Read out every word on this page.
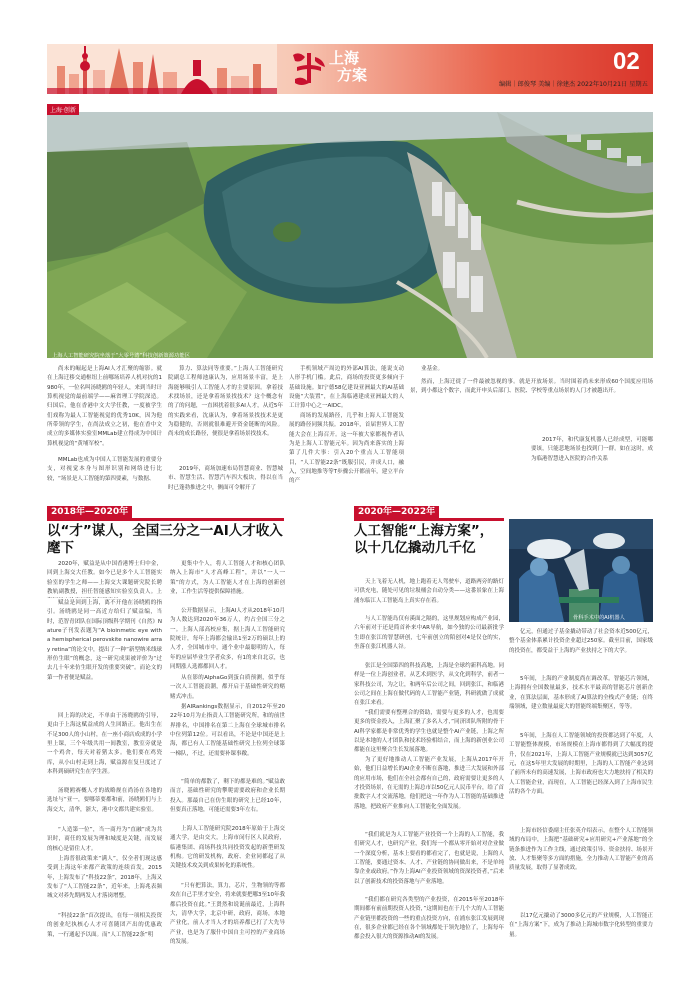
上海
方案	02
编辑｜郎俊琴 美编｜徐建杰 2022年10月21日 星期五
上海·创新
上海人工智能研究院坐落于“大零号湾”科技创新策源功能区
尚未的崛起是上海AI人才汇聚的缩影。就在上海迁移交通枢纽上前哪场培养人机对抗的1980年，一位名叫汤晓鸥的年轻人，来到当时计算机视觉的最前端学——麻省理工学院深造。归国后，他在香港中文大学任教，一度被学生们戏称为最人工智能视觉的优秀10K，因为他所带领的学生，在尚法成立之初，他在香中文成立的多媒体实验室MMLab建立得成为中国计算机视觉的“黄埔军校”。
MMLab也成为中国人工智能发展的重要分支，对视觉本身与图形识别和网络进行比较，“场景是人工智能的第四要素，与数据、
算力、算法同等重要。”上海人工智能研究院副总工程师池康认为，应用场景丰富，是上海能够吸引人工智能人才的主要原因。拿着技术找场景，还是拿着场景找技术？这个概念有的了的问题，一直困扰着很多AI人才，从近5年的实践来看，沈康认为，拿着场景找技术是更为稳健的，否则就很难避开资金链断的风险。尚未的成长路径，便很是拿着场景找技术。
2019年，商场加速布局智慧商业、智慧城市、智慧生活、智慧汽车四大板块，得以在当时已蓬勃推进之中，侧面可令解开了
手机领域产周边的外部AI算法，能说支动人形手机门槛。此后，商场的投资更多倾向于基础设施。如宁德58亿建设亚洲最大的AI基础设施“大装置”，在上海临港建成亚洲最大的人工计算中心之一AIDC。
商场的发展路径，几乎和上海人工智能发展的路径同频共振。2018年，首届世界人工智能大会在上海召开。这一年被大家都视作者认为是上海人工智能元年。因为尚来落实的上海第了几件大事：引入20个重点人工智能项目，“人工智能22条”既服引民，并成人口，融入，空间地推等等T步骤公开都前年，建立平台的产
业基金。
然而，上海迁徙了一件最被忽视的事。就是开放场景。当时围着尚未来形成60个国度应用场景，到小都这个数字，而此开申头后部门、医院、学校等重点场景的人门才被越出开。
2017年，和代康复机器人已经成型，可能哪要该，只能悲地场景也找到门一群。如在这时，成为临港智慧进入医院的合作关系
2018年—2020年
以“才”谋人，全国三分之一AI人才收入麾下
2020年，赋益是从中国香港博士归中金，回到上海交大任教。如今已是多个人工智能实验室的学生之师——上海交大课题研究院长聘教轨副教授，担任智能感知实验室负责人。上
赋益是回到上海，离不开他在汤晓鸥的指引。汤晓鸥是同一高近方给归了赋益编，当时，范智青团队在国际顶级科学期刊《自然》Nature子刊发表题为“A bioinmetic eye with a hemispherical perovskite nanowire array retina”的论文中，提出了一种“新型纳米线球形仿生眼”的概念，这一研究成果被评价为“过去几十年来仿生眼开发的重要突破”。而论文的第一作者便是赋益。
回上海的决定，不单由于汤晓鸥的引导，更由于上海这赋益成的人生回路正。他出生在不足300人的小山村，在一座小商店成成的小学里上课，三个年级共用一间教室，教室旁就是一个鸡舍，每天对着猪太多。他们要在鸡瓷库，从小山村走到上海，赋益源在复旦度过了本科到硕研究生在学生涯。
汤晓鸥赛概人才的战略规在尚汤在各地的选址与“亚一，要哪蒂要都和前，汤晓鸥们与上海交大，清华，浙大，港中文都共建实验室。
“人造第一位”，当一商丹为“直融”成为共识时，商任的发展为理和城度是关键，而发展的核心是留住人才。
上海普很政策来“满人”，仅全者们现这感受到上海这年来都产政策的连续首发。2015年，上海发布了“科技22条”，2018年，上海又发布了“人工智能22条”，近年来，上海兆表频城文对养先期两发人才落岗增整。
“科技22条”首次提出，在每一项相关投资的创业纪执核心人才可喜随团产出的优惠政策，一行通起予以面。而“人工智能22条”明
更集中个人，将人工智能人才和核心团队纳入上海市“人才高峰工程”，并以“一人一策”的方式，为人工智能人才在上海的创新创业，工作生活等提供保障措施。
公开数据显示，上海AI人才从2018年10月为人数达到2020年36万人，约占全国三分之一。上海人部高校应集，据上海人工智能研究院统计，每年上海都会输出1至2万的硕以上的人才，全国城市中，通个业中最聪明的人，每年的应届毕业生学者众多，有1的来自北京，也同期涨人选都都回人才。
从在影的AlphaGo到蛋白质预测，似乎每一次人工智能浪潮，都开启于基础性研究的赌赌式冲击。
据AIRankings数据显示，自2012年至2022年10月为止指责人工智能研究所，和的前世界排名，中国排名在第二上海在全球城市排名中位列第12位。可以看出，不论是中国还是上海，都已有人工智能基础性研究上位列全球第一梯队，不过，还需要补课事敞。
“简单的都散了，剩下的都是难的。”赋益敢而言，基础性研究的攀爬需要政府和企业长期投入。那最自己在仿生眼的研究上已经10年，但要真正落地，可能还需要3年左右。
上海人工智能研究院2018年原始于上海交通大学，是由交大，上海市闵行区人民政府，临港集团、商场科技共同投资发起的新型研发机构。它的研发机构，政府、企业同都起了从关键技术攻关到成果转化的系统性。
“只有把算法，算力，芯片，生物领的等都攻在自己手里才安全，将来就要把哪3至10年我都后投资在此。”王贤然和说诞前最近，上海科大，清华大学，北京中研，政府，商场，本地产业化，前人才当人才的培养都已打了大先导产业，也是为了服什中国自主可控的产业商场的发展。
2020年—2022年
人工智能“上海方案”，以十几亿撬动几千亿
骨科手术中的AI机器人
天上飞着无人机，地上跑着无人驾驶车，道路两旁的路灯可供充电，随处可见的垃圾桶会自动分类——这番景象在上海浦东临江人工智能岛上真实存在着。
与人工智能岛仅有溪面之隔的，这里规划应构成产业园，六年前对于还是简首补来中AR导航，如今独的公司最新批学生即在张江的智慧研创，七年前创立的陌创对4是仅仓的实，坐落在张江机器人谷。
张江是全国第四的科技高地，上海是全球约新科高地。同样是一位上海创业者，从艺术到医学，从文化到科学，前者一家科技公司，为之让，和两年后公司之间，回到张江，和临港公司之间在上海在做代码的人工智能产业链，科研就做了成就在张江来看。
“我们需要有整理合的资助，需要与更多的人才，也需要更多的资金投入，上海汇聚了多名人才，”同济团队所附的骨干AI科学家都是非常优秀的学生也就是整个AI产业链，上海之所以是本地的人才团队和技术经验相结合，而上海的新创业公司都能在这里聚合生长发展落地。
为了更好地推动人工智能产业发展，上海从2017年开始，他们日益增长的AI企业不断在落地，推进三大发展和外部的应用市场，他们在全社会都有自己的，政府需要让更多的人才投资场景，在无需的上海总市以50亿元人民币平台，给了首批数字人才交流落地，他们把这一年作为人工智能的基础推进落地，把政府产业推向人工智能化全面发展。
“我们就是为人工智能产业投资一个上海的人工智能，我们研究人才，也研究产业，我们每一个都从零开始对对企业做一个深度分析，基本上要看的都看完了，也就是说，上海的人工智能，要通过资本、人才、产业链的协同做出来，不是单纯靠企业或政府。”作为上海AI产业投资领域的资深投资者，”后来以了创新技术的投资落地与产业落地。
“我们都在研究各类型的产业投资，在2015年至2018年期间都有前前期投资人投资，”这期间也在于几个大的人工智能产业链里都投资的一些的重点投资方向，在浦东张江发展到现在，很多企业都已经在各个领域都处于领先地位了，上海每年都会投入很大的资源推动AI的发展。
亿元，但通过子基金撬动带动了社会资本近500亿元，整个基金体系累计投资企业超过250家。截至目前，国家级的投资在，都受益于上海的产业扶持之下的大学。
5年间，上海的产业制度尚在调改革。智能芯片领域，上海拥有全国数量最多，技术水平最高的智能芯片创新企业，在算法层面，基本形成了AI算法的全栈式产业链；在终端领域，建立数量最庞大的智能终端集聚区，等等。
5年间，上海在人工智能领域的投资都达到了年度，人工智能整体规模，市场规模在上海市都得到了大幅度的提升，仅在2021年，上海人工智能产业规模就已达到3057亿元，在这5年里大发展的时期里，上海的人工智能产业达到了前所未有的高速发展，上海市政府也大力地扶持了相关的人工智能企业，而现在，人工智能已经深入到了上海市民生活的各个方面。
上海市经信委副主任张英介绍表示，在整个人工智能领域的布局中，上海把“基础研究+应用研究+产业落地”的全链条推进作为工作主线，通过政策引导、资金扶持、场景开放、人才集聚等多方面的措施，全力推动人工智能产业的高质量发展，取得了显著成效。
以17亿元撬动了3000多亿元的产业规模，人工智能正在“上海方案”下，成为了推动上海城市数字化转型的重要力量。
